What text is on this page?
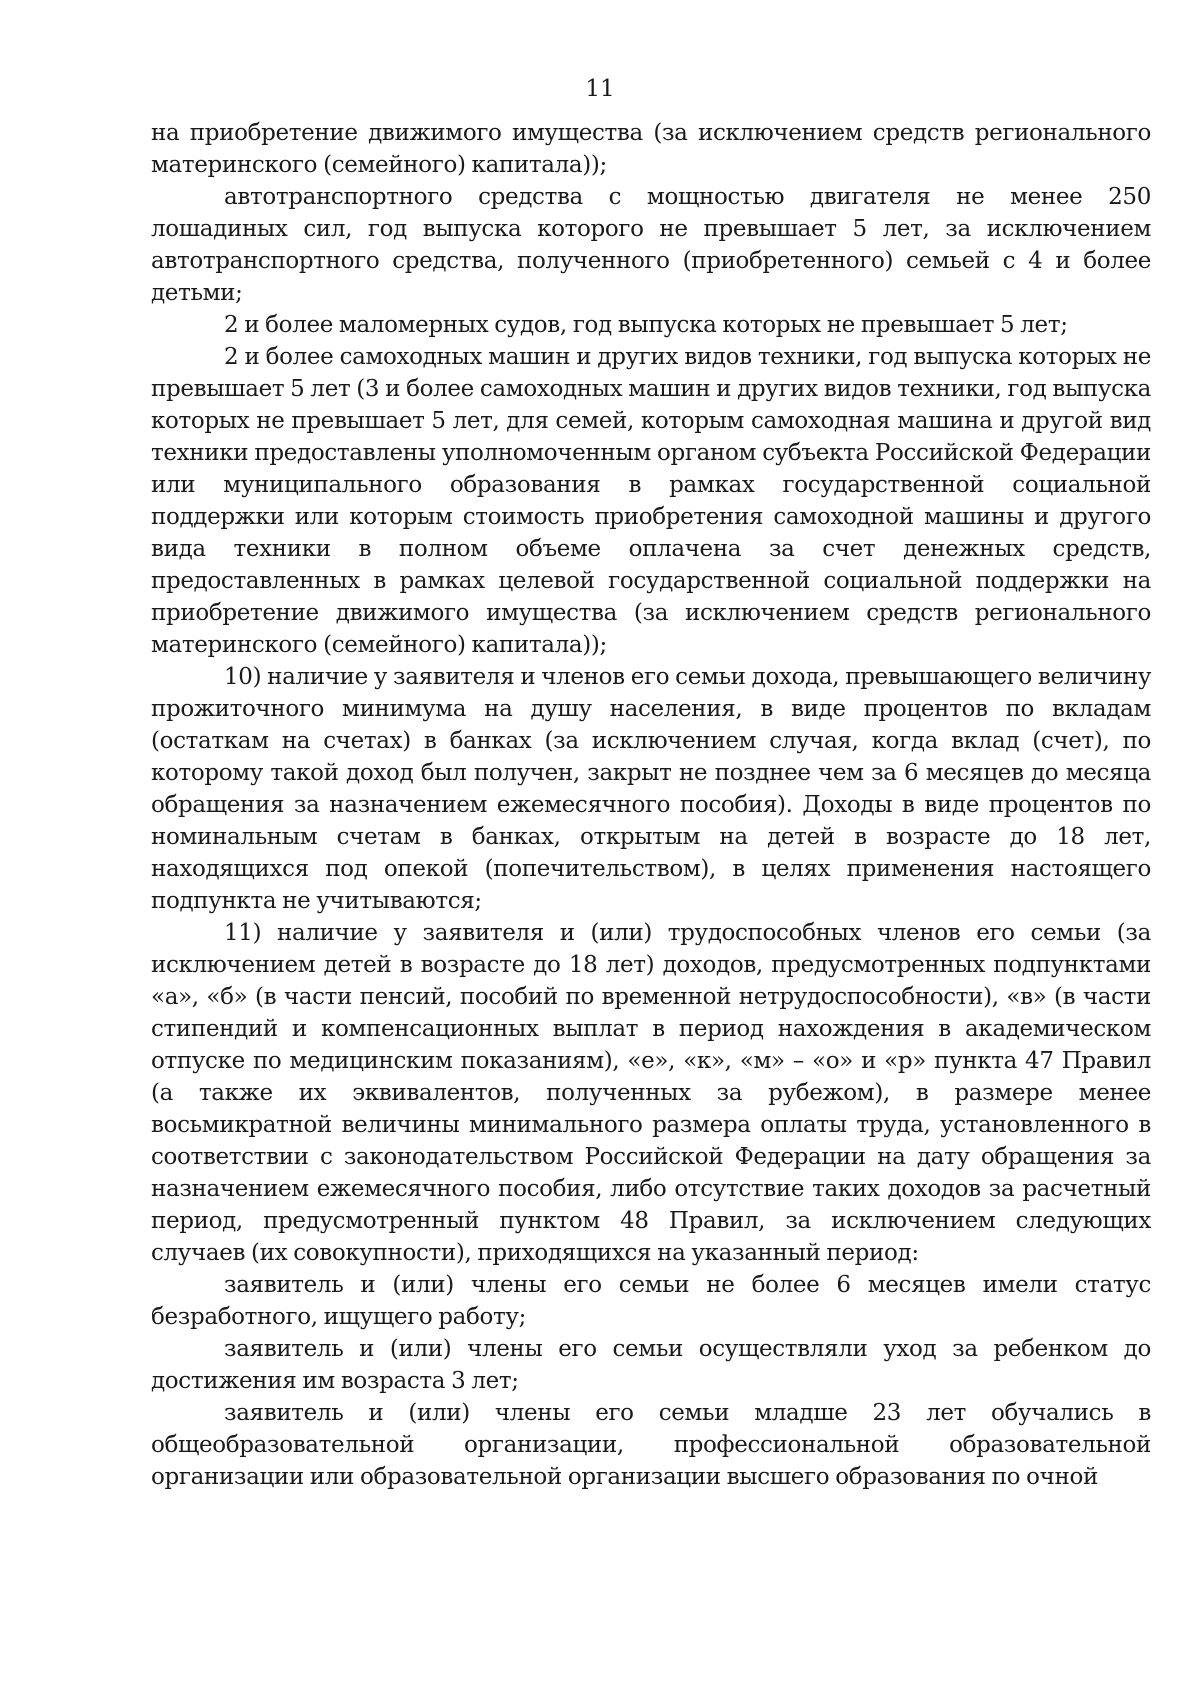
11

на приобретение движимого имущества (за исключением средств регионального материнского (семейного) капитала));

автотранспортного средства с мощностью двигателя не менее 250 лошадиных сил, год выпуска которого не превышает 5 лет, за исключением автотранспортного средства, полученного (приобретенного) семьей с 4 и более детьми;

2 и более маломерных судов, год выпуска которых не превышает 5 лет;

2 и более самоходных машин и других видов техники, год выпуска которых не превышает 5 лет (3 и более самоходных машин и других видов техники, год выпуска которых не превышает 5 лет, для семей, которым самоходная машина и другой вид техники предоставлены уполномоченным органом субъекта Российской Федерации или муниципального образования в рамках государственной социальной поддержки или которым стоимость приобретения самоходной машины и другого вида техники в полном объеме оплачена за счет денежных средств, предоставленных в рамках целевой государственной социальной поддержки на приобретение движимого имущества (за исключением средств регионального материнского (семейного) капитала));

10) наличие у заявителя и членов его семьи дохода, превышающего величину прожиточного минимума на душу населения, в виде процентов по вкладам (остаткам на счетах) в банках (за исключением случая, когда вклад (счет), по которому такой доход был получен, закрыт не позднее чем за 6 месяцев до месяца обращения за назначением ежемесячного пособия). Доходы в виде процентов по номинальным счетам в банках, открытым на детей в возрасте до 18 лет, находящихся под опекой (попечительством), в целях применения настоящего подпункта не учитываются;

11) наличие у заявителя и (или) трудоспособных членов его семьи (за исключением детей в возрасте до 18 лет) доходов, предусмотренных подпунктами «а», «б» (в части пенсий, пособий по временной нетрудоспособности), «в» (в части стипендий и компенсационных выплат в период нахождения в академическом отпуске по медицинским показаниям), «е», «к», «м» – «о» и «р» пункта 47 Правил (а также их эквивалентов, полученных за рубежом), в размере менее восьмикратной величины минимального размера оплаты труда, установленного в соответствии с законодательством Российской Федерации на дату обращения за назначением ежемесячного пособия, либо отсутствие таких доходов за расчетный период, предусмотренный пунктом 48 Правил, за исключением следующих случаев (их совокупности), приходящихся на указанный период:

заявитель и (или) члены его семьи не более 6 месяцев имели статус безработного, ищущего работу;

заявитель и (или) члены его семьи осуществляли уход за ребенком до достижения им возраста 3 лет;

заявитель и (или) члены его семьи младше 23 лет обучались в общеобразовательной организации, профессиональной образовательной организации или образовательной организации высшего образования по очной
